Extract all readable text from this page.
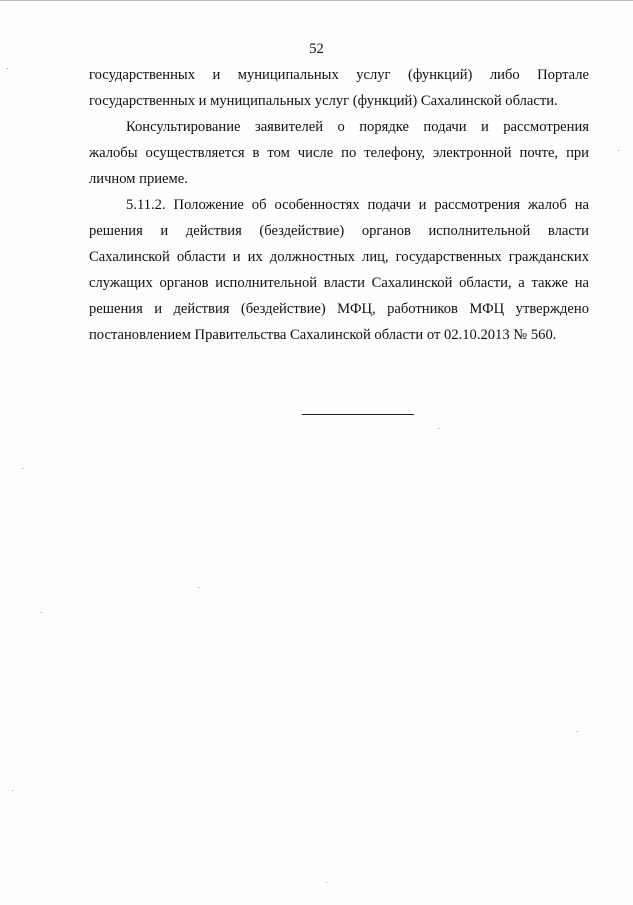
52
государственных и муниципальных услуг (функций) либо Портале
государственных и муниципальных услуг (функций) Сахалинской области.
Консультирование заявителей о порядке подачи и рассмотрения
жалобы осуществляется в том числе по телефону, электронной почте, при
личном приеме.
5.11.2. Положение об особенностях подачи и рассмотрения жалоб на
решения и действия (бездействие) органов исполнительной власти
Сахалинской области и их должностных лиц, государственных гражданских
служащих органов исполнительной власти Сахалинской области, а также на
решения и действия (бездействие) МФЦ, работников МФЦ утверждено
постановлением Правительства Сахалинской области от 02.10.2013 № 560.
